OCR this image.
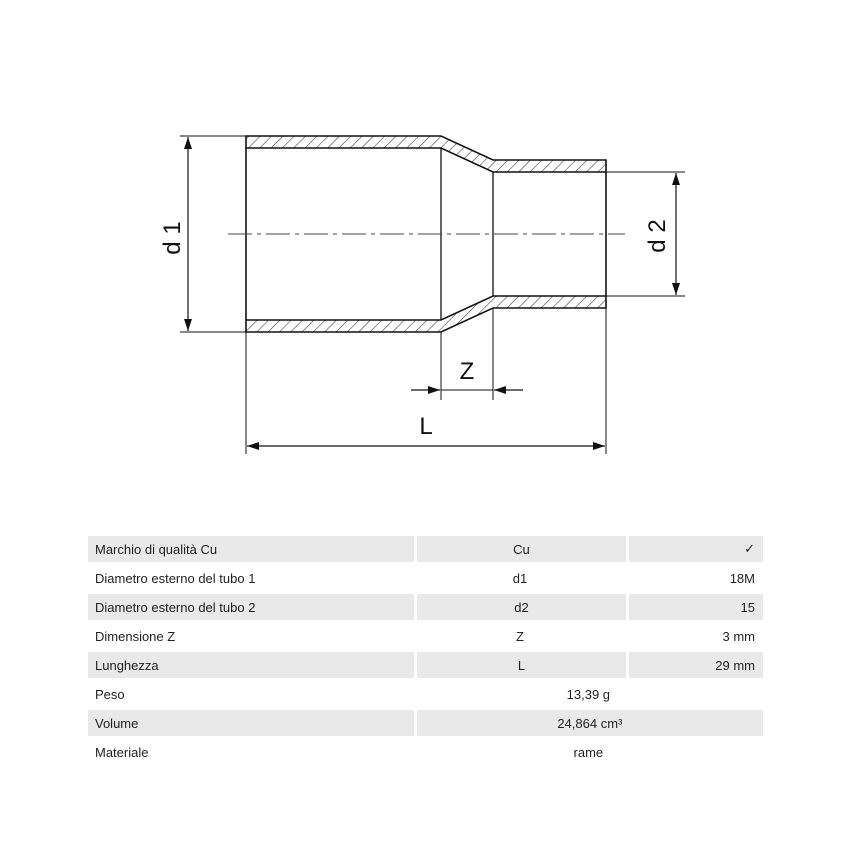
d 1	d 2
Z
L
Marchio di qualità Cu	Cu	✓
Diametro esterno del tubo 1	d1	18M
Diametro esterno del tubo 2	d2	15
Dimensione Z	Z	3 mm
Lunghezza	L	29 mm
Peso	13,39 g	
Volume	24,864 cm³	
Materiale	rame	
